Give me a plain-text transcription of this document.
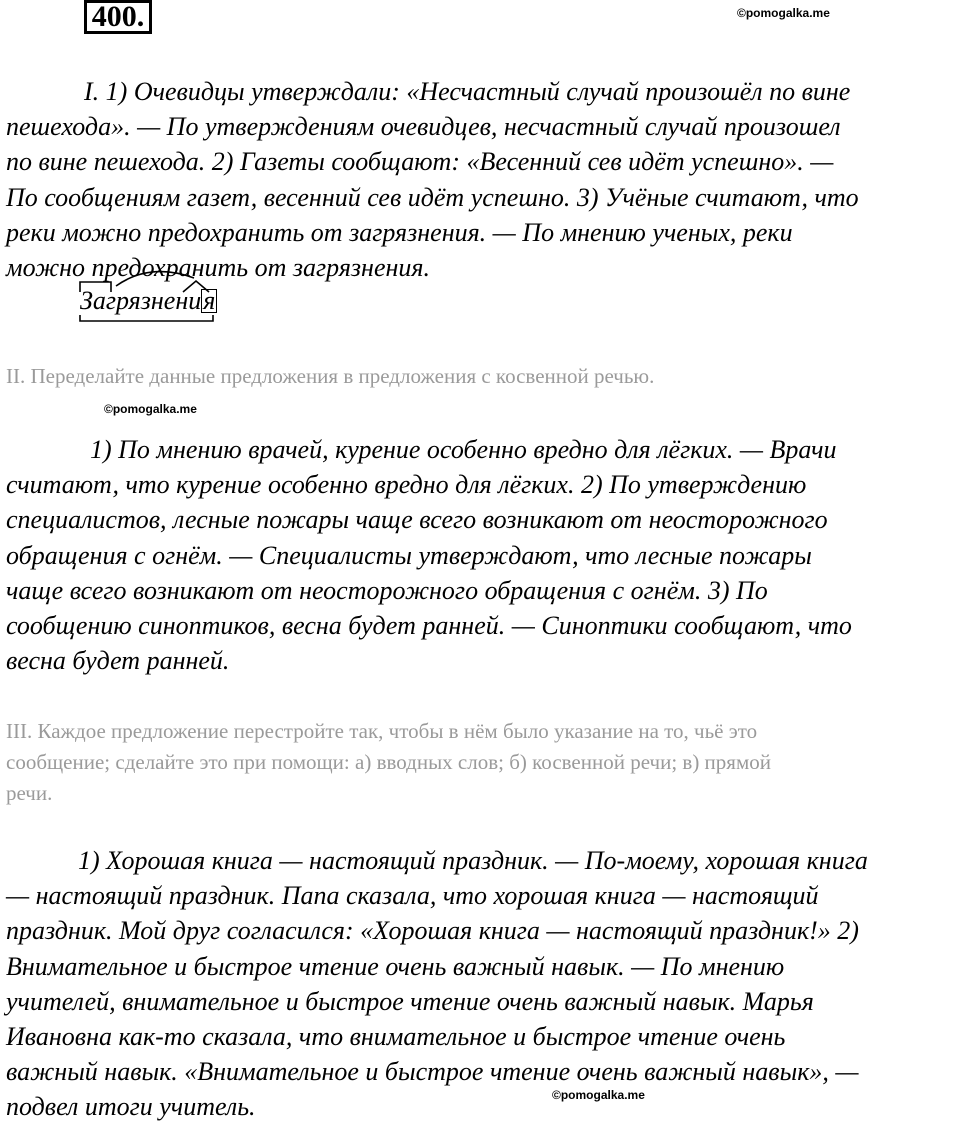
400.	©pomogalka.me
I. 1) Очевидцы утверждали: «Несчастный случай произошёл по вине
пешехода». — По утверждениям очевидцев, несчастный случай произошел
по вине пешехода. 2) Газеты сообщают: «Весенний сев идёт успешно». —
По сообщениям газет, весенний сев идёт успешно. 3) Учёные считают, что
реки можно предохранить от загрязнения. — По мнению ученых, реки
можно предохранить от загрязнения.
Загрязнения
II. Переделайте данные предложения в предложения с косвенной речью.
©pomogalka.me
1) По мнению врачей, курение особенно вредно для лёгких. — Врачи
считают, что курение особенно вредно для лёгких. 2) По утверждению
специалистов, лесные пожары чаще всего возникают от неосторожного
обращения с огнём. — Специалисты утверждают, что лесные пожары
чаще всего возникают от неосторожного обращения с огнём. 3) По
сообщению синоптиков, весна будет ранней. — Синоптики сообщают, что
весна будет ранней.
III. Каждое предложение перестройте так, чтобы в нём было указание на то, чьё это
сообщение; сделайте это при помощи: а) вводных слов; б) косвенной речи; в) прямой
речи.
1) Хорошая книга — настоящий праздник. — По-моему, хорошая книга
— настоящий праздник. Папа сказала, что хорошая книга — настоящий
праздник. Мой друг согласился: «Хорошая книга — настоящий праздник!» 2)
Внимательное и быстрое чтение очень важный навык. — По мнению
учителей, внимательное и быстрое чтение очень важный навык. Марья
Ивановна как-то сказала, что внимательное и быстрое чтение очень
важный навык. «Внимательное и быстрое чтение очень важный навык», —
подвел итоги учитель.	©pomogalka.me
